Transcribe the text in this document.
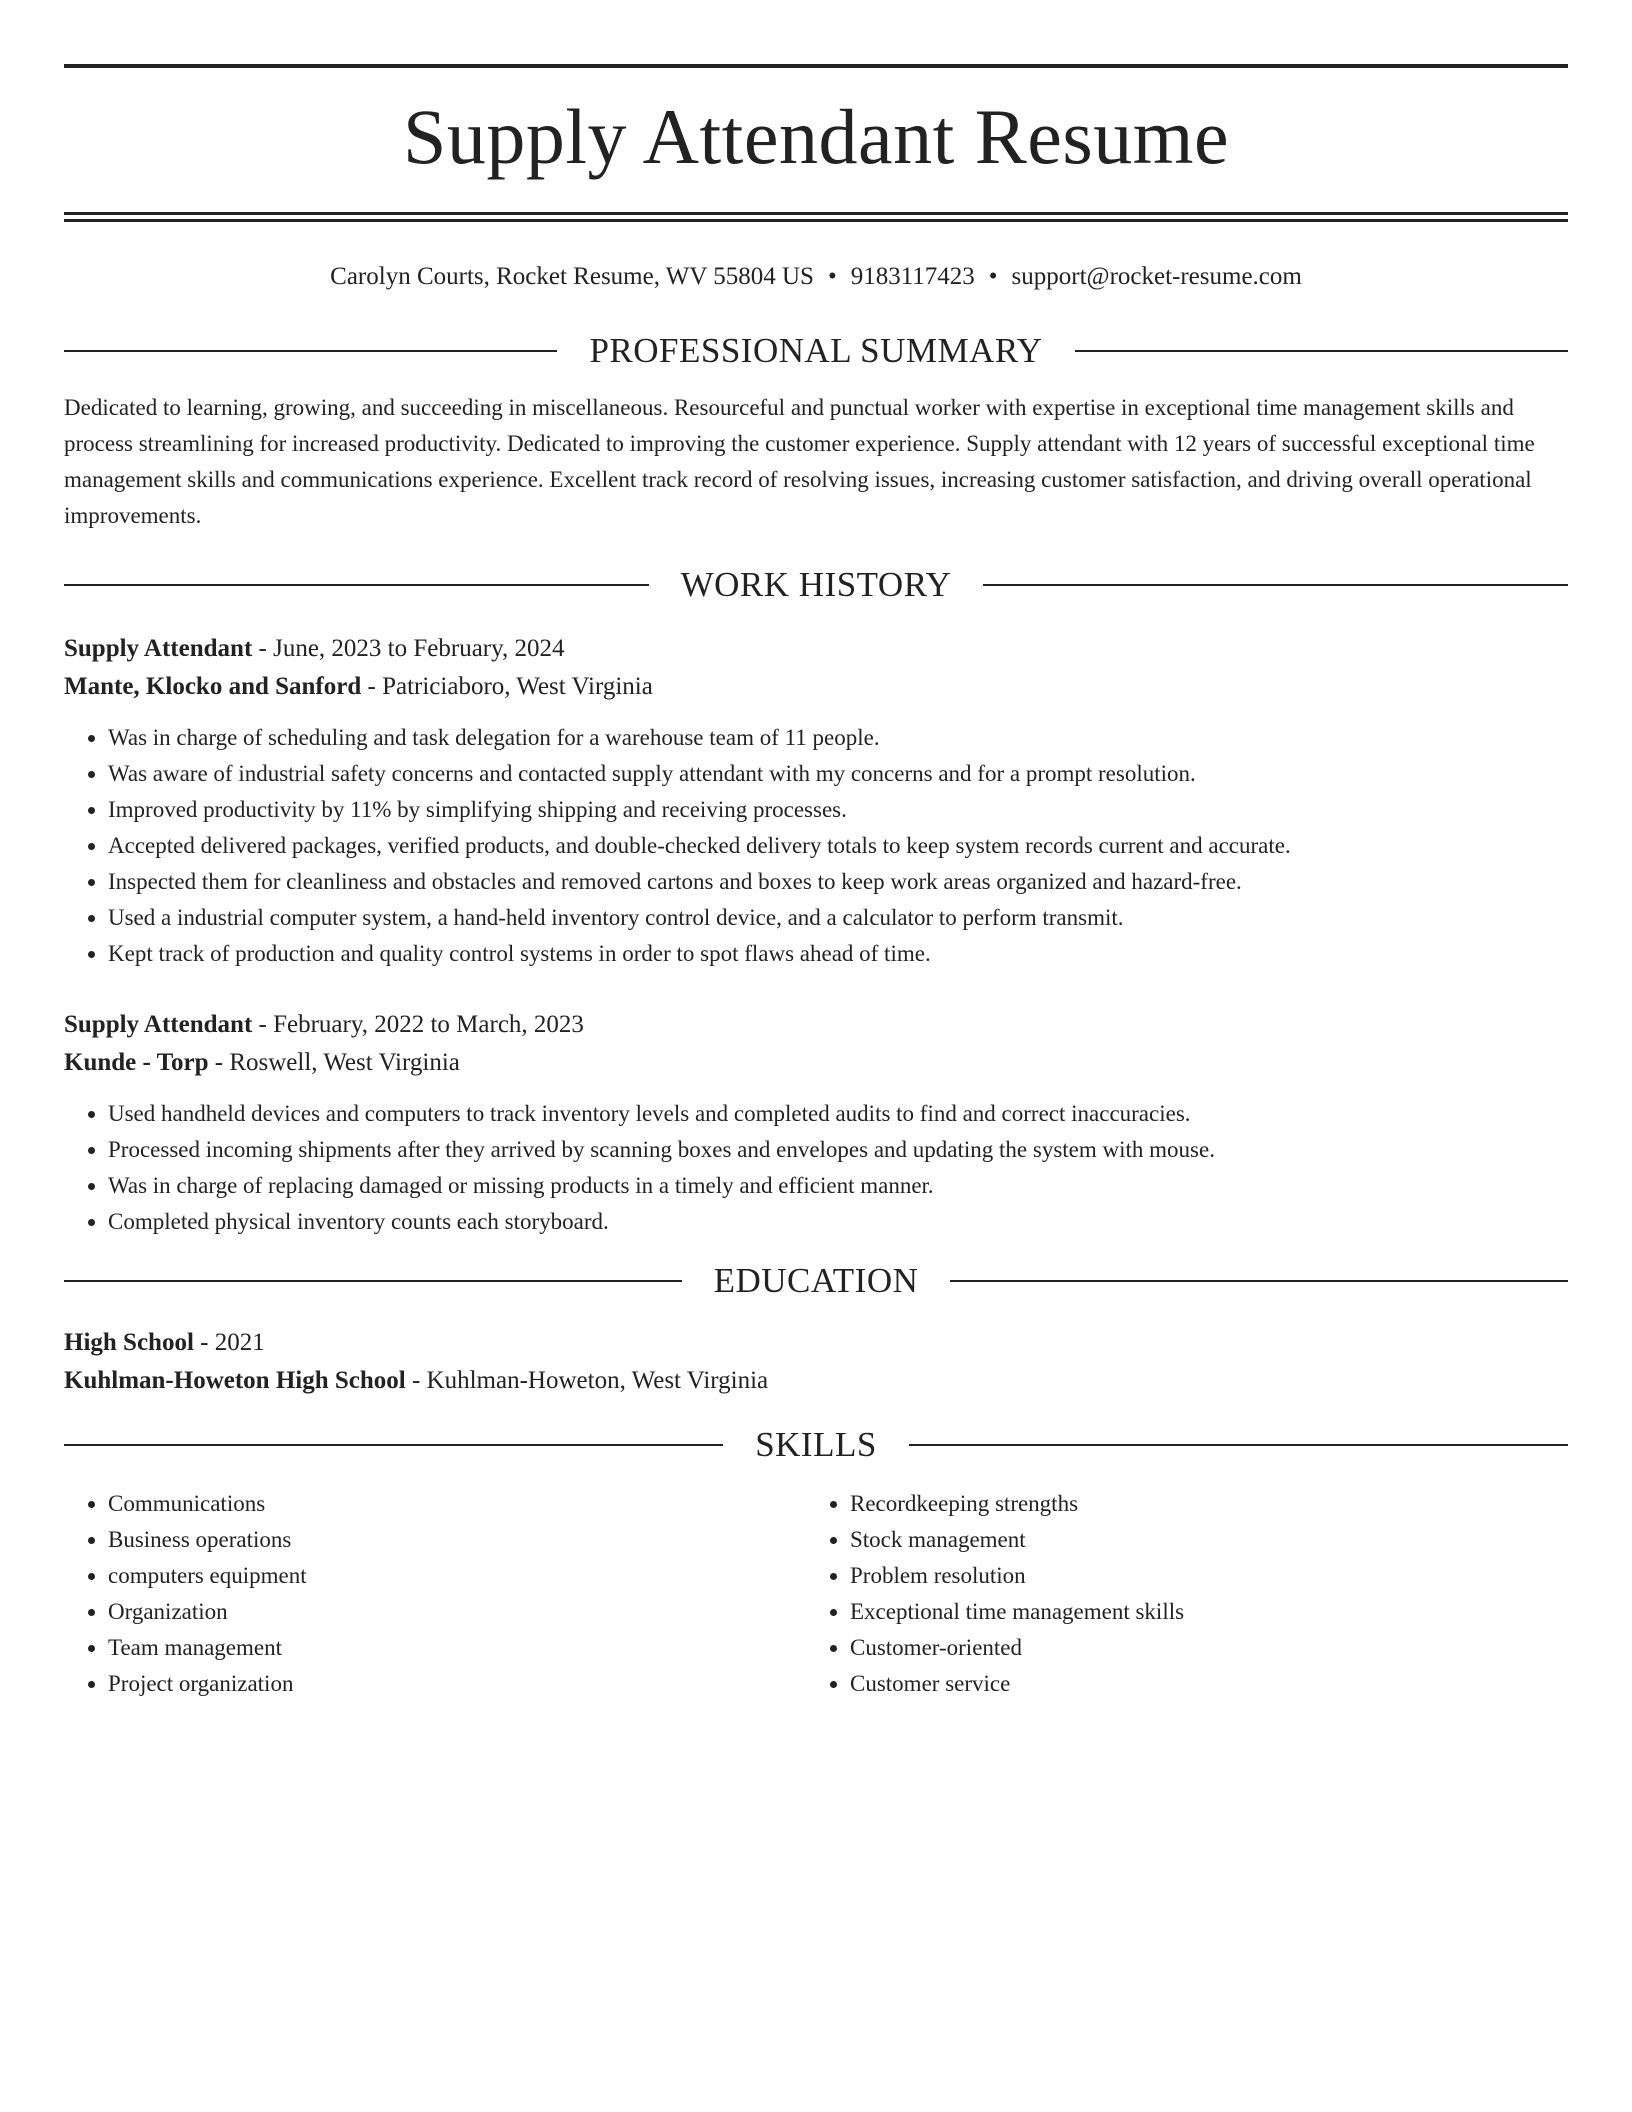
Supply Attendant Resume
Carolyn Courts, Rocket Resume, WV 55804 US • 9183117423 • support@rocket-resume.com
PROFESSIONAL SUMMARY

Dedicated to learning, growing, and succeeding in miscellaneous. Resourceful and punctual worker with expertise in exceptional time management skills and process streamlining for increased productivity. Dedicated to improving the customer experience. Supply attendant with 12 years of successful exceptional time management skills and communications experience. Excellent track record of resolving issues, increasing customer satisfaction, and driving overall operational improvements.

WORK HISTORY
Supply Attendant - June, 2023 to February, 2024
Mante, Klocko and Sanford - Patriciaboro, West Virginia
• Was in charge of scheduling and task delegation for a warehouse team of 11 people.
• Was aware of industrial safety concerns and contacted supply attendant with my concerns and for a prompt resolution.
• Improved productivity by 11% by simplifying shipping and receiving processes.
• Accepted delivered packages, verified products, and double-checked delivery totals to keep system records current and accurate.
• Inspected them for cleanliness and obstacles and removed cartons and boxes to keep work areas organized and hazard-free.
• Used a industrial computer system, a hand-held inventory control device, and a calculator to perform transmit.
• Kept track of production and quality control systems in order to spot flaws ahead of time.
Supply Attendant - February, 2022 to March, 2023
Kunde - Torp - Roswell, West Virginia
• Used handheld devices and computers to track inventory levels and completed audits to find and correct inaccuracies.
• Processed incoming shipments after they arrived by scanning boxes and envelopes and updating the system with mouse.
• Was in charge of replacing damaged or missing products in a timely and efficient manner.
• Completed physical inventory counts each storyboard.
EDUCATION
High School - 2021
Kuhlman-Howeton High School - Kuhlman-Howeton, West Virginia
SKILLS
• Communications
• Business operations
• computers equipment
• Organization
• Team management
• Project organization
• Recordkeeping strengths
• Stock management
• Problem resolution
• Exceptional time management skills
• Customer-oriented
• Customer service
